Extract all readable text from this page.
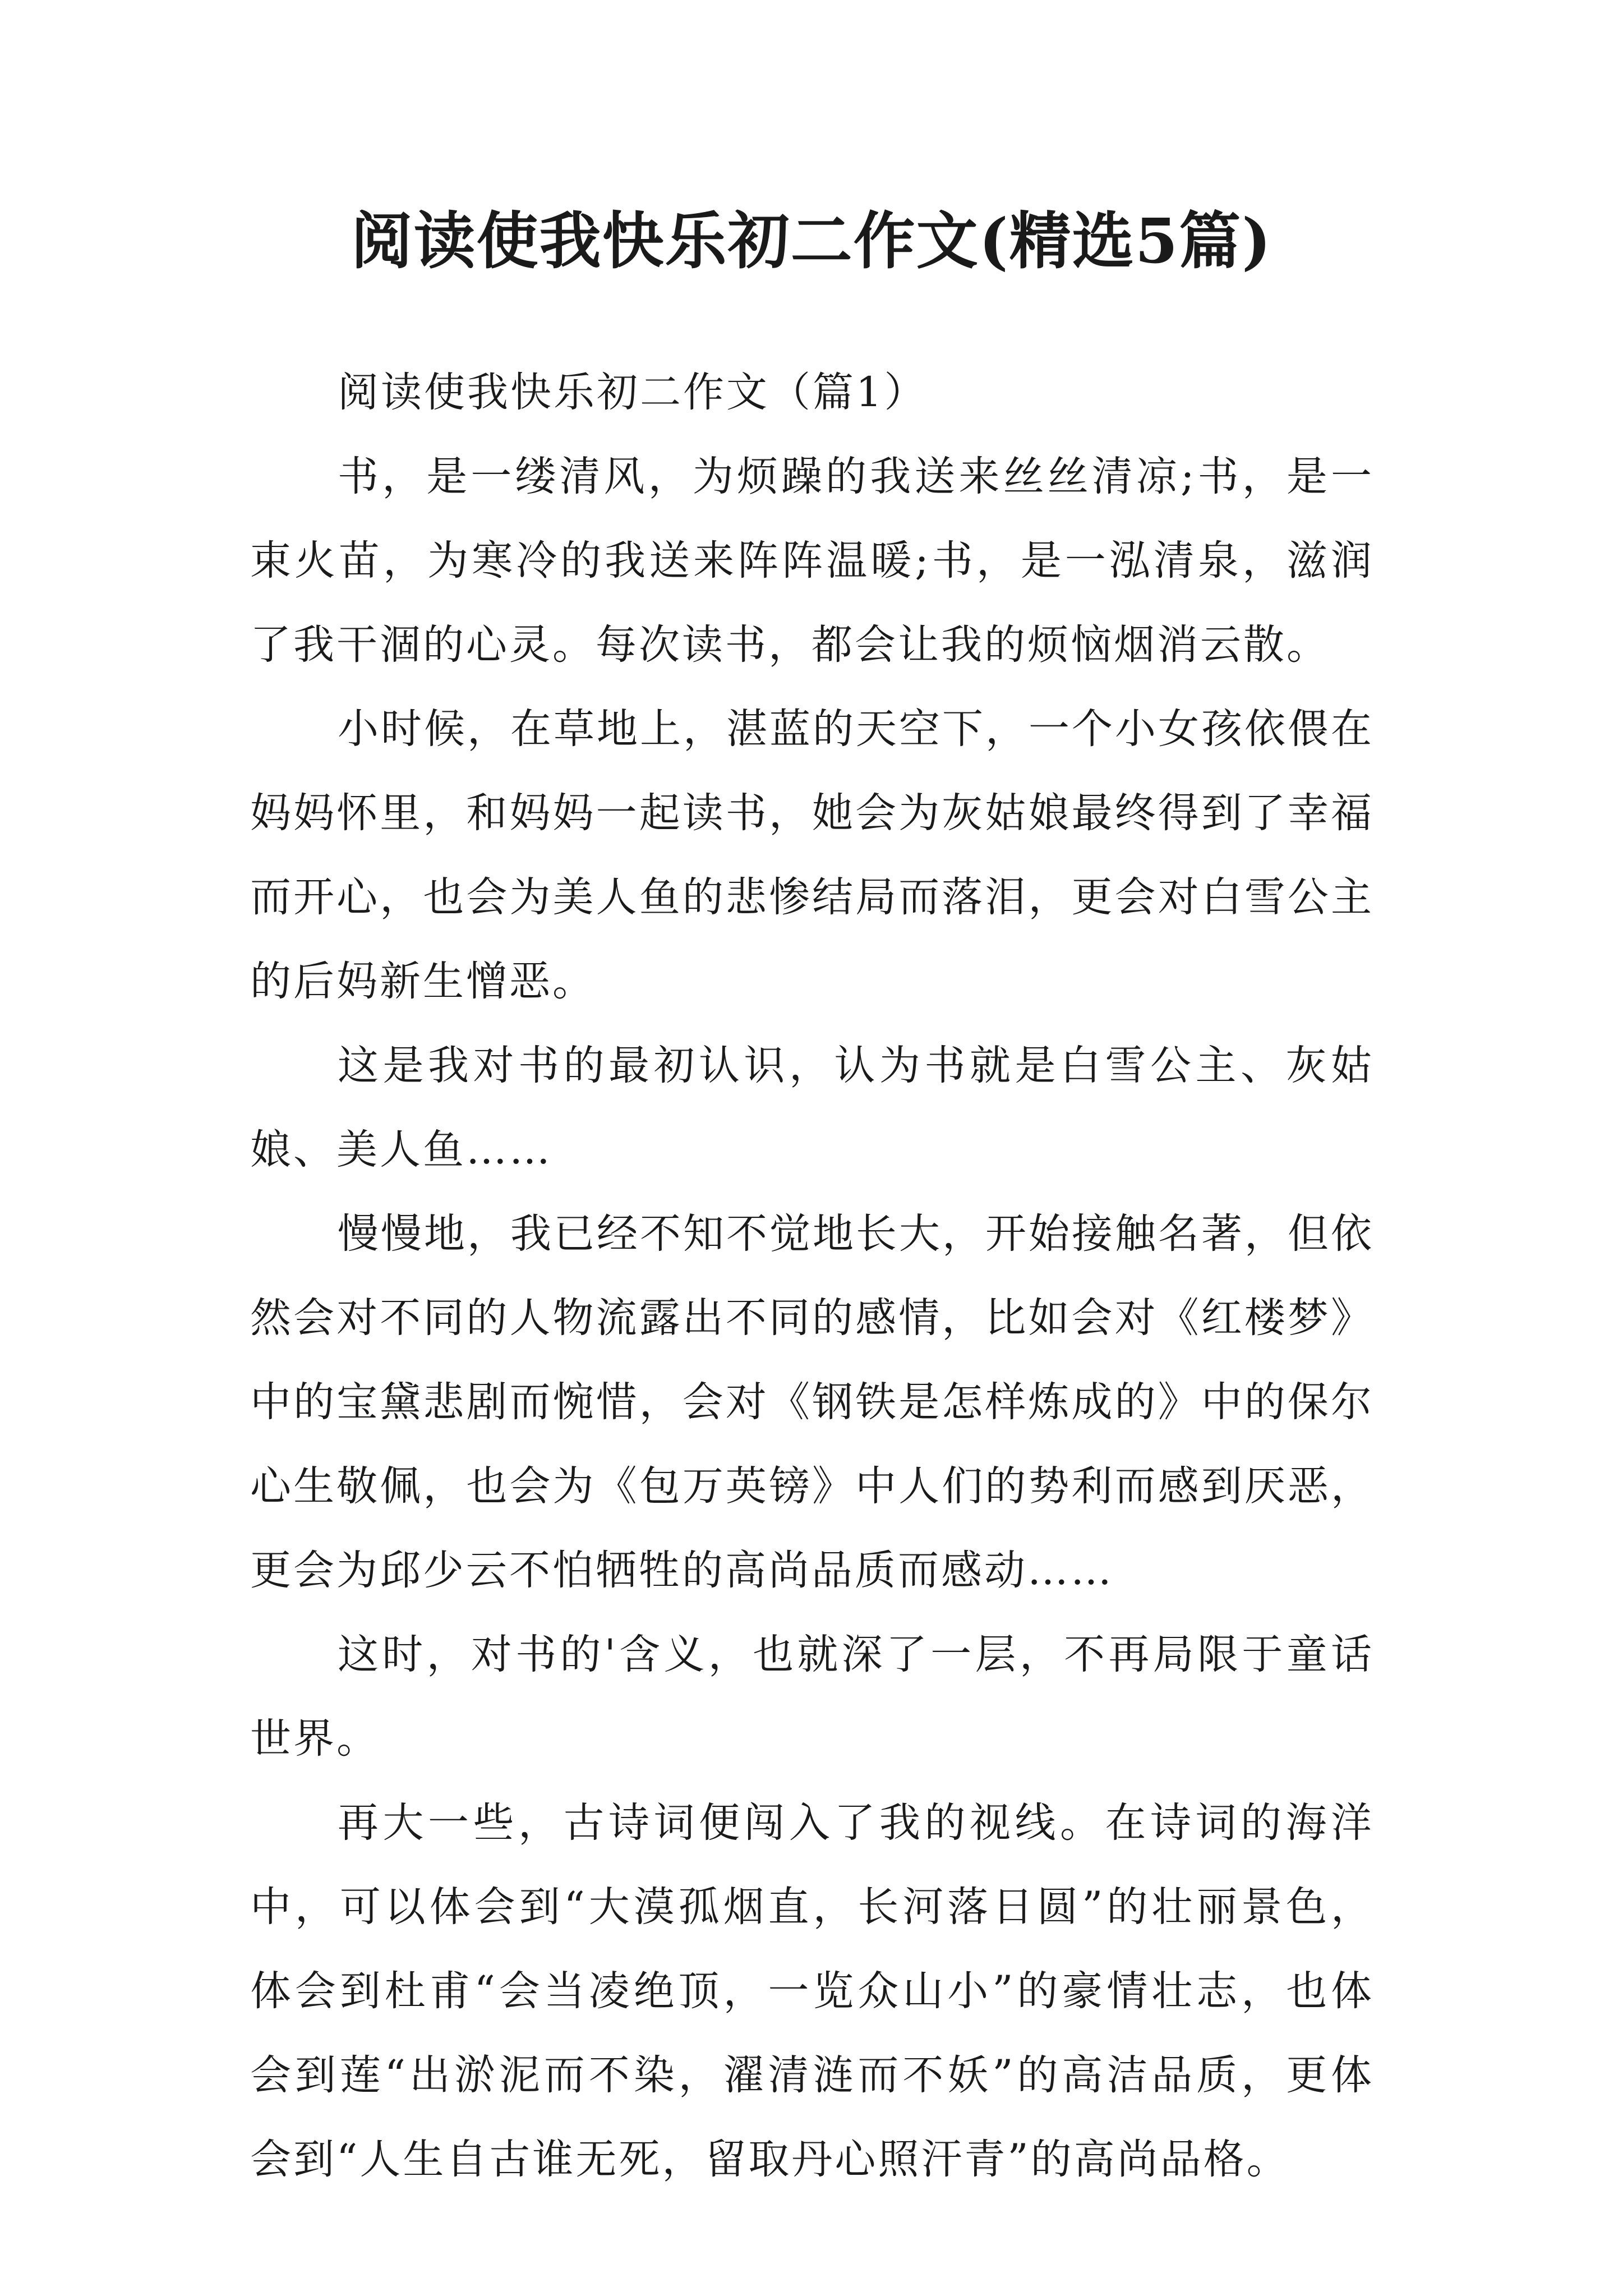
阅读使我快乐初二作文(精选5篇)

阅读使我快乐初二作文（篇1）

书，是一缕清风，为烦躁的我送来丝丝清凉;书，是一束火苗，为寒冷的我送来阵阵温暖;书，是一泓清泉，滋润了我干涸的心灵。每次读书，都会让我的烦恼烟消云散。

小时候，在草地上，湛蓝的天空下，一个小女孩依偎在妈妈怀里，和妈妈一起读书，她会为灰姑娘最终得到了幸福而开心，也会为美人鱼的悲惨结局而落泪，更会对白雪公主的后妈新生憎恶。

这是我对书的最初认识，认为书就是白雪公主、灰姑娘、美人鱼……

慢慢地，我已经不知不觉地长大，开始接触名著，但依然会对不同的人物流露出不同的感情，比如会对《红楼梦》中的宝黛悲剧而惋惜，会对《钢铁是怎样炼成的》中的保尔心生敬佩，也会为《包万英镑》中人们的势利而感到厌恶，更会为邱少云不怕牺牲的高尚品质而感动……

这时，对书的'含义，也就深了一层，不再局限于童话世界。

再大一些，古诗词便闯入了我的视线。在诗词的海洋中，可以体会到“大漠孤烟直，长河落日圆”的壮丽景色，体会到杜甫“会当凌绝顶，一览众山小”的豪情壮志，也体会到莲“出淤泥而不染，濯清涟而不妖”的高洁品质，更体会到“人生自古谁无死，留取丹心照汗青”的高尚品格。
